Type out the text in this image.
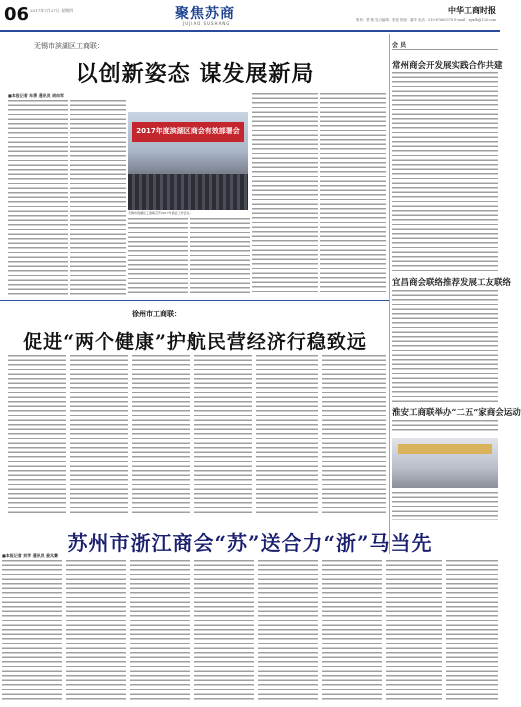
06 2017年7月27日 星期四	聚焦苏商
JUJIAO SUSHANG
中华工商时报
策划：贾 敏 见习编辑：张悦 排版：董华 电话：010-67665578 E-mail：zgxfb@126.com
无锡市滨湖区工商联：
以创新姿态 谋发展新局
■本报记者 牟勇 通讯员 胡向军
2017年度滨湖区商会有效部署会
无锡市滨湖区工商联召开2017年商会工作会议。
会 员
常州商会开发展实践合作共建
宜昌商会联络推荐发展工友联络
淮安工商联举办“二五”家商会运动
徐州市工商联：
促进“两个健康”护航民营经济行稳致远
苏州市浙江商会“苏”送合力“浙”马当先
■本报记者 刘学 通讯员 姜兆赛
